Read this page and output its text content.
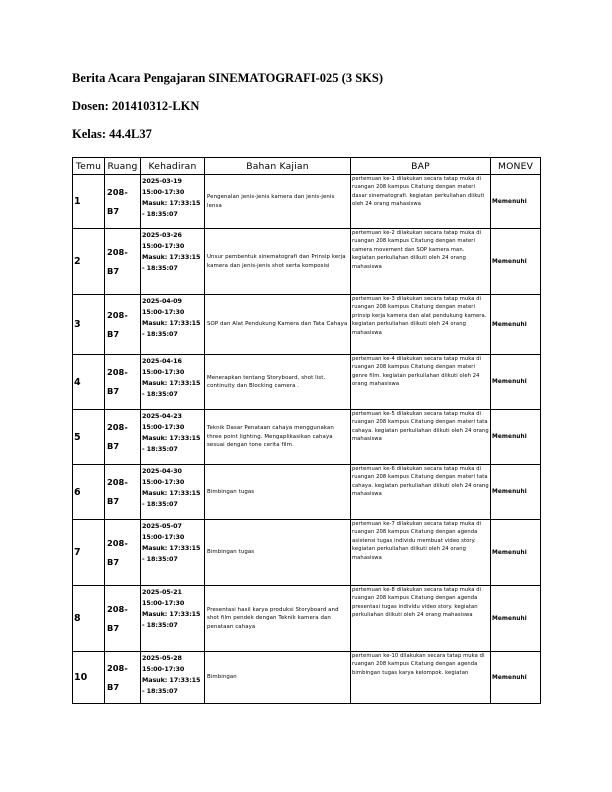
Berita Acara Pengajaran SINEMATOGRAFI-025 (3 SKS)
Dosen: 201410312-LKN
Kelas: 44.4L37
Temu	Ruang	Kehadiran	Bahan Kajian	BAP	MONEV
1	208-B7	2025-03-19
15:00-17:30
Masuk: 17:33:15
- 18:35:07	Pengenalan jenis-jenis kamera dan jenis-jenis lensa	pertemuan ke-1 dilakukan secara tatap muka di ruangan 208 kampus Citatung dengan materi dasar sinematografi. kegiatan perkuliahan diikuti oleh 24 orang mahasiswa	Memenuhi
2	208-B7	2025-03-26
15:00-17:30
Masuk: 17:33:15
- 18:35:07	Unsur pembentuk sinematografi dan Prinsip kerja kamera dan jenis-jenis shot serta komposisi	pertemuan ke-2 dilakukan secara tatap muka di ruangan 208 kampus Citatung dengan materi camera movement dan SOP kamera man. kegiatan perkuliahan diikuti oleh 24 orang mahasiswa	Memenuhi
3	208-B7	2025-04-09
15:00-17:30
Masuk: 17:33:15
- 18:35:07	SOP dan Alat Pendukung Kamera dan Tata Cahaya	pertemuan ke-3 dilakukan secara tatap muka di ruangan 208 kampus Citatung dengan materi prinsip kerja kamera dan alat pendukung kamera. kegiatan perkuliahan diikuti oleh 24 orang mahasiswa	Memenuhi
4	208-B7	2025-04-16
15:00-17:30
Masuk: 17:33:15
- 18:35:07	Menerapkan tentang Storyboard, shot list, continuity dan Blocking camera .	pertemuan ke-4 dilakukan secara tatap muka di ruangan 208 kampus Citatung dengan materi genre film. kegiatan perkuliahan diikuti oleh 24 orang mahasiswa	Memenuhi
5	208-B7	2025-04-23
15:00-17:30
Masuk: 17:33:15
- 18:35:07	Teknik Dasar Penataan cahaya menggunakan three point lighting. Mengaplikasikan cahaya sesuai dengan tone cerita film.	pertemuan ke-5 dilakukan secara tatap muka di ruangan 208 kampus Citatung dengan materi tata cahaya. kegiatan perkuliahan diikuti oleh 24 orang mahasiswa	Memenuhi
6	208-B7	2025-04-30
15:00-17:30
Masuk: 17:33:15
- 18:35:07	Bimbingan tugas	pertemuan ke-6 dilakukan secara tatap muka di ruangan 208 kampus Citatung dengan materi tata cahaya. kegiatan perkuliahan diikuti oleh 24 orang mahasiswa	Memenuhi
7	208-B7	2025-05-07
15:00-17:30
Masuk: 17:33:15
- 18:35:07	Bimbingan tugas	pertemuan ke-7 dilakukan secara tatap muka di ruangan 208 kampus Citatung dengan agenda asistensi tugas individu membuat video story. kegiatan perkuliahan diikuti oleh 24 orang mahasiswa	Memenuhi
8	208-B7	2025-05-21
15:00-17:30
Masuk: 17:33:15
- 18:35:07	Presentasi hasil karya produksi Storyboard and shot film pendek dengan Teknik kamera dan penataan cahaya	pertemuan ke-8 dilakukan secara tatap muka di ruangan 208 kampus Citatung dengan agenda presentasi tugas individu video story. kegiatan perkuliahan diikuti oleh 24 orang mahasiswa	Memenuhi
10	208-B7	2025-05-28
15:00-17:30
Masuk: 17:33:15
- 18:35:07	Bimbingan	pertemuan ke-10 dilakukan secara tatap muka di ruangan 208 kampus Citatung dengan agenda bimbingan tugas karya kelompok. kegiatan	Memenuhi
